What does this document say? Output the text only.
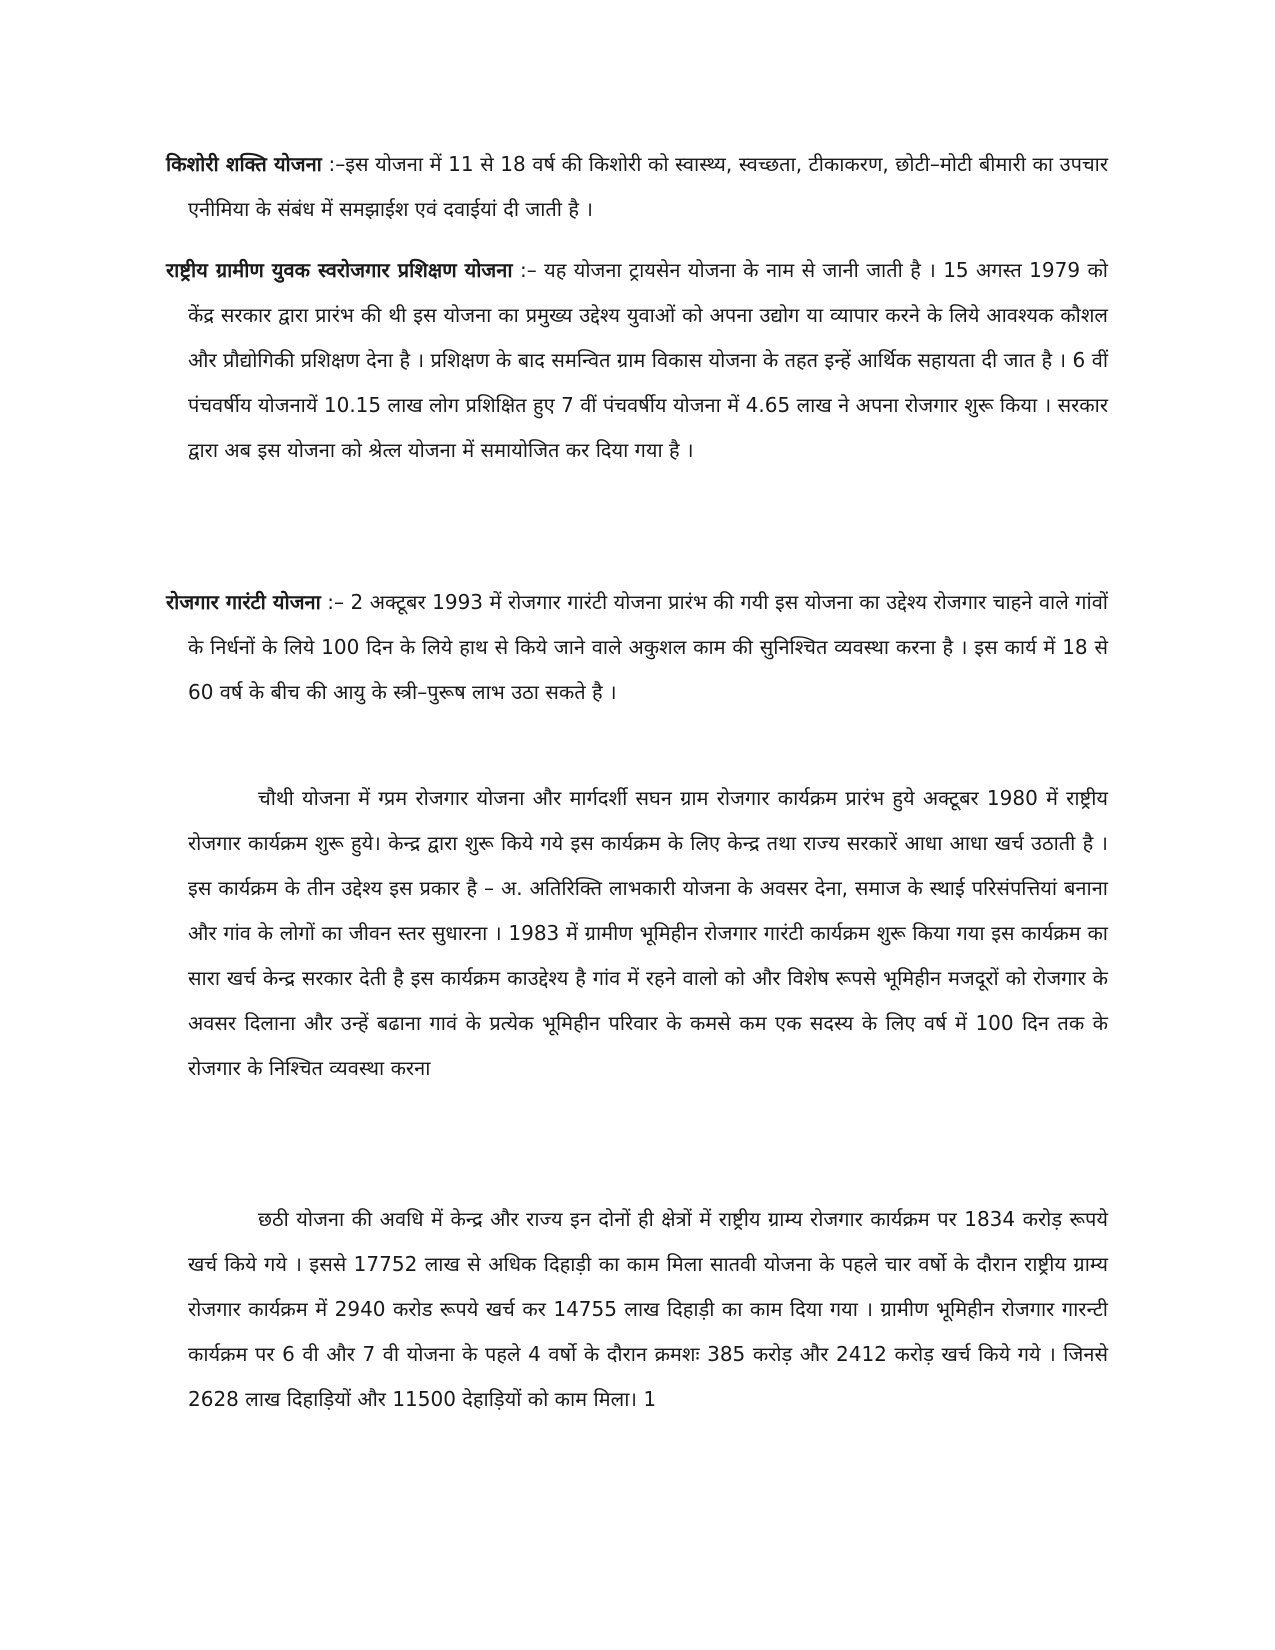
किशोरी शक्ति योजना :–इस योजना में 11 से 18 वर्ष की किशोरी को स्वास्थ्य, स्वच्छता, टीकाकरण, छोटी–मोटी बीमारी का उपचार एनीमिया के संबंध में समझाईश एवं दवाईयां दी जाती है ।

राष्ट्रीय ग्रामीण युवक स्वरोजगार प्रशिक्षण योजना :– यह योजना ट्रायसेन योजना के नाम से जानी जाती है । 15 अगस्त 1979 को केंद्र सरकार द्वारा प्रारंभ की थी इस योजना का प्रमुख्य उद्देश्य युवाओं को अपना उद्योग या व्यापार करने के लिये आवश्यक कौशल और प्रौद्योगिकी प्रशिक्षण देना है । प्रशिक्षण के बाद समन्वित ग्राम विकास योजना के तहत इन्हें आर्थिक सहायता दी जात है । 6 वीं पंचवर्षीय योजनायें 10.15 लाख लोग प्रशिक्षित हुए 7 वीं पंचवर्षीय योजना में 4.65 लाख ने अपना रोजगार शुरू किया । सरकार द्वारा अब इस योजना को श्रेत्ल योजना में समायोजित कर दिया गया है ।

रोजगार गारंटी योजना :– 2 अक्टूबर 1993 में रोजगार गारंटी योजना प्रारंभ की गयी इस योजना का उद्देश्य रोजगार चाहने वाले गांवों के निर्धनों के लिये 100 दिन के लिये हाथ से किये जाने वाले अकुशल काम की सुनिश्चित व्यवस्था करना है । इस कार्य में 18 से 60 वर्ष के बीच की आयु के स्त्री–पुरूष लाभ उठा सकते है ।

चौथी योजना में ग्प्रम रोजगार योजना और मार्गदर्शी सघन ग्राम रोजगार कार्यक्रम प्रारंभ हुये अक्टूबर 1980 में राष्ट्रीय रोजगार कार्यक्रम शुरू हुये। केन्द्र द्वारा शुरू किये गये इस कार्यक्रम के लिए केन्द्र तथा राज्य सरकारें आधा आधा खर्च उठाती है । इस कार्यक्रम के तीन उद्देश्य इस प्रकार है – अ. अतिरिक्ति लाभकारी योजना के अवसर देना, समाज के स्थाई परिसंपत्तियां बनाना और गांव के लोगों का जीवन स्तर सुधारना । 1983 में ग्रामीण भूमिहीन रोजगार गारंटी कार्यक्रम शुरू किया गया इस कार्यक्रम का सारा खर्च केन्द्र सरकार देती है इस कार्यक्रम काउद्देश्य है गांव में रहने वालो को और विशेष रूपसे भूमिहीन मजदूरों को रोजगार के अवसर दिलाना और उन्हें बढाना गावं के प्रत्येक भूमिहीन परिवार के कमसे कम एक सदस्य के लिए वर्ष में 100 दिन तक के रोजगार के निश्चित व्यवस्था करना

छठी योजना की अवधि में केन्द्र और राज्य इन दोनों ही क्षेत्रों में राष्ट्रीय ग्राम्य रोजगार कार्यक्रम पर 1834 करोड़ रूपये खर्च किये गये । इससे 17752 लाख से अधिक दिहाड़ी का काम मिला सातवी योजना के पहले चार वर्षो के दौरान राष्ट्रीय ग्राम्य रोजगार कार्यक्रम में 2940 करोड रूपये खर्च कर 14755 लाख दिहाड़ी का काम दिया गया । ग्रामीण भूमिहीन रोजगार गारन्टी कार्यक्रम पर 6 वी और 7 वी योजना के पहले 4 वर्षो के दौरान क्रमशः 385 करोड़ और 2412 करोड़ खर्च किये गये । जिनसे 2628 लाख दिहाड़ियों और 11500 देहाड़ियों को काम मिला। 1
